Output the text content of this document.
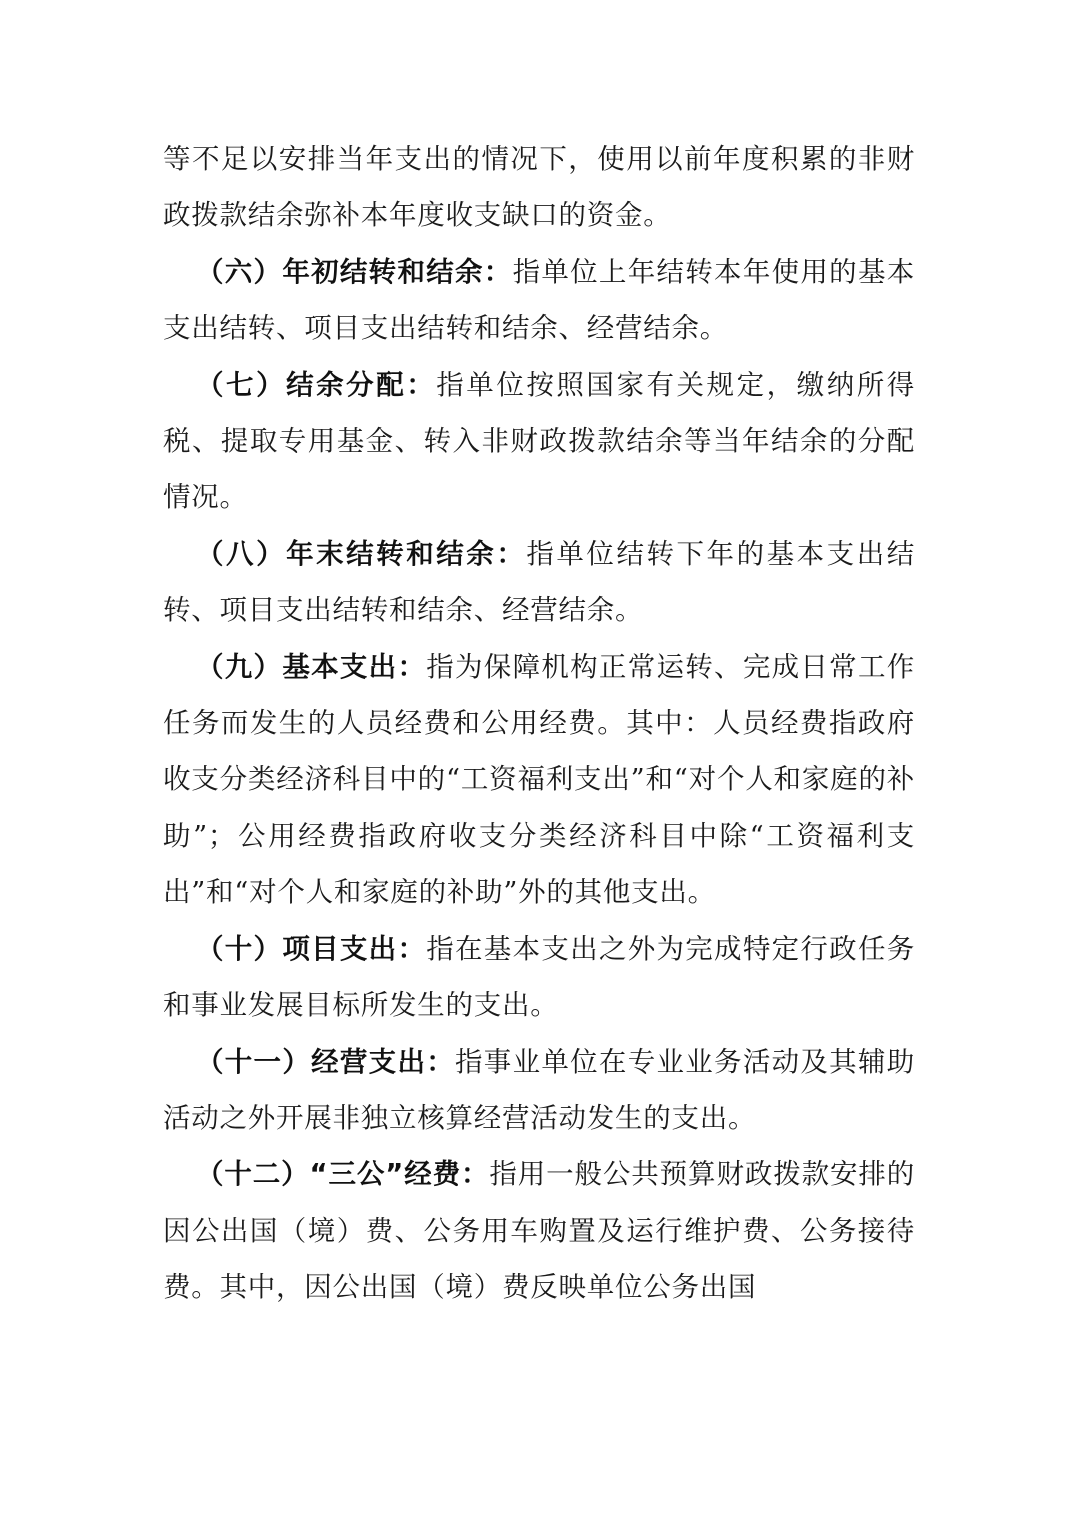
等不足以安排当年支出的情况下，使用以前年度积累的非财政拨款结余弥补本年度收支缺口的资金。

（六）年初结转和结余：指单位上年结转本年使用的基本支出结转、项目支出结转和结余、经营结余。

（七）结余分配：指单位按照国家有关规定，缴纳所得税、提取专用基金、转入非财政拨款结余等当年结余的分配情况。

（八）年末结转和结余：指单位结转下年的基本支出结转、项目支出结转和结余、经营结余。

（九）基本支出：指为保障机构正常运转、完成日常工作任务而发生的人员经费和公用经费。其中：人员经费指政府收支分类经济科目中的“工资福利支出”和“对个人和家庭的补助”；公用经费指政府收支分类经济科目中除“工资福利支出”和“对个人和家庭的补助”外的其他支出。

（十）项目支出：指在基本支出之外为完成特定行政任务和事业发展目标所发生的支出。

（十一）经营支出：指事业单位在专业业务活动及其辅助活动之外开展非独立核算经营活动发生的支出。

（十二）“三公”经费：指用一般公共预算财政拨款安排的因公出国（境）费、公务用车购置及运行维护费、公务接待费。其中，因公出国（境）费反映单位公务出国
